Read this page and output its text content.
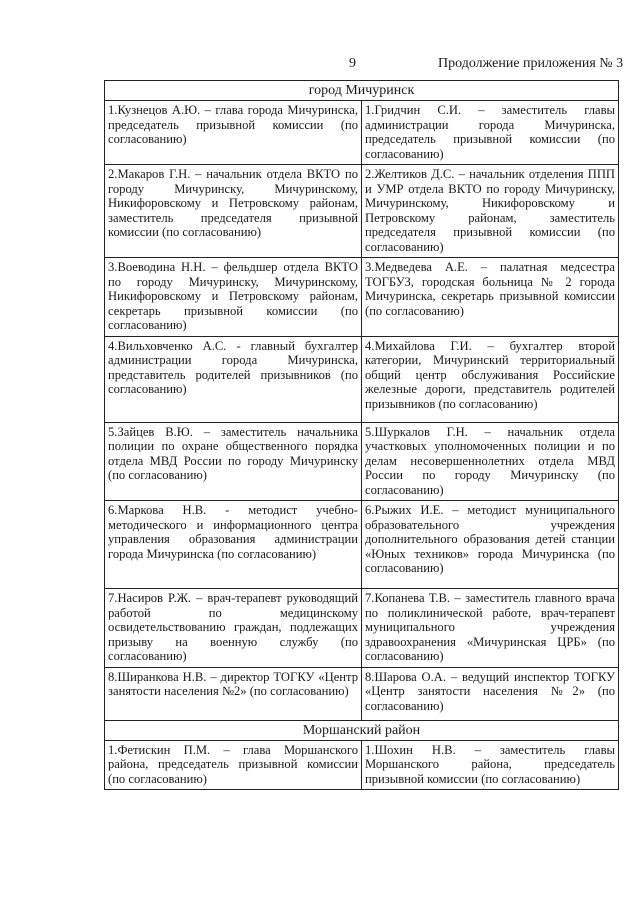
9	Продолжение приложения № 3
город Мичуринск	
1.Кузнецов А.Ю. – глава города Мичуринска, председатель призывной комиссии (по согласованию)	1.Гридчин С.И. – заместитель главы администрации города Мичуринска, председатель призывной комиссии (по согласованию)
2.Макаров Г.Н. – начальник отдела ВКТО по городу Мичуринску, Мичуринскому, Никифоровскому и Петровскому районам, заместитель председателя призывной комиссии (по согласованию)	2.Желтиков Д.С. – начальник отделения ППП и УМР отдела ВКТО по городу Мичуринску, Мичуринскому, Никифоровскому и Петровскому районам, заместитель председателя призывной комиссии (по согласованию)
3.Воеводина Н.Н. – фельдшер отдела ВКТО по городу Мичуринску, Мичуринскому, Никифоровскому и Петровскому районам, секретарь призывной комиссии (по согласованию)	3.Медведева А.Е. – палатная медсестра ТОГБУЗ, городская больница № 2 города Мичуринска, секретарь призывной комиссии (по согласованию)
4.Вильховченко А.С. - главный бухгалтер администрации города Мичуринска, представитель родителей призывников (по согласованию)	4.Михайлова Г.И. – бухгалтер второй категории, Мичуринский территориальный общий центр обслуживания Российские железные дороги, представитель родителей призывников (по согласованию)
5.Зайцев В.Ю. – заместитель начальника полиции по охране общественного порядка отдела МВД России по городу Мичуринску (по согласованию)	5.Шуркалов Г.Н. – начальник отдела участковых уполномоченных полиции и по делам несовершеннолетних отдела МВД России по городу Мичуринску (по согласованию)
6.Маркова Н.В. - методист учебно-методического и информационного центра управления образования администрации города Мичуринска (по согласованию)	6.Рыжих И.Е. – методист муниципального образовательного учреждения дополнительного образования детей станции «Юных техников» города Мичуринска (по согласованию)
7.Насиров Р.Ж. – врач-терапевт руководящий работой по медицинскому освидетельствованию граждан, подлежащих призыву на военную службу (по согласованию)	7.Копанева Т.В. – заместитель главного врача по поликлинической работе, врач-терапевт муниципального учреждения здравоохранения «Мичуринская ЦРБ» (по согласованию)
8.Ширанкова Н.В. – директор ТОГКУ «Центр занятости населения №2» (по согласованию)	8.Шарова О.А. – ведущий инспектор ТОГКУ «Центр занятости населения №2» (по согласованию)
Моршанский район	
1.Фетискин П.М. – глава Моршанского района, председатель призывной комиссии (по согласованию)	1.Шохин Н.В. – заместитель главы Моршанского района, председатель призывной комиссии (по согласованию)
